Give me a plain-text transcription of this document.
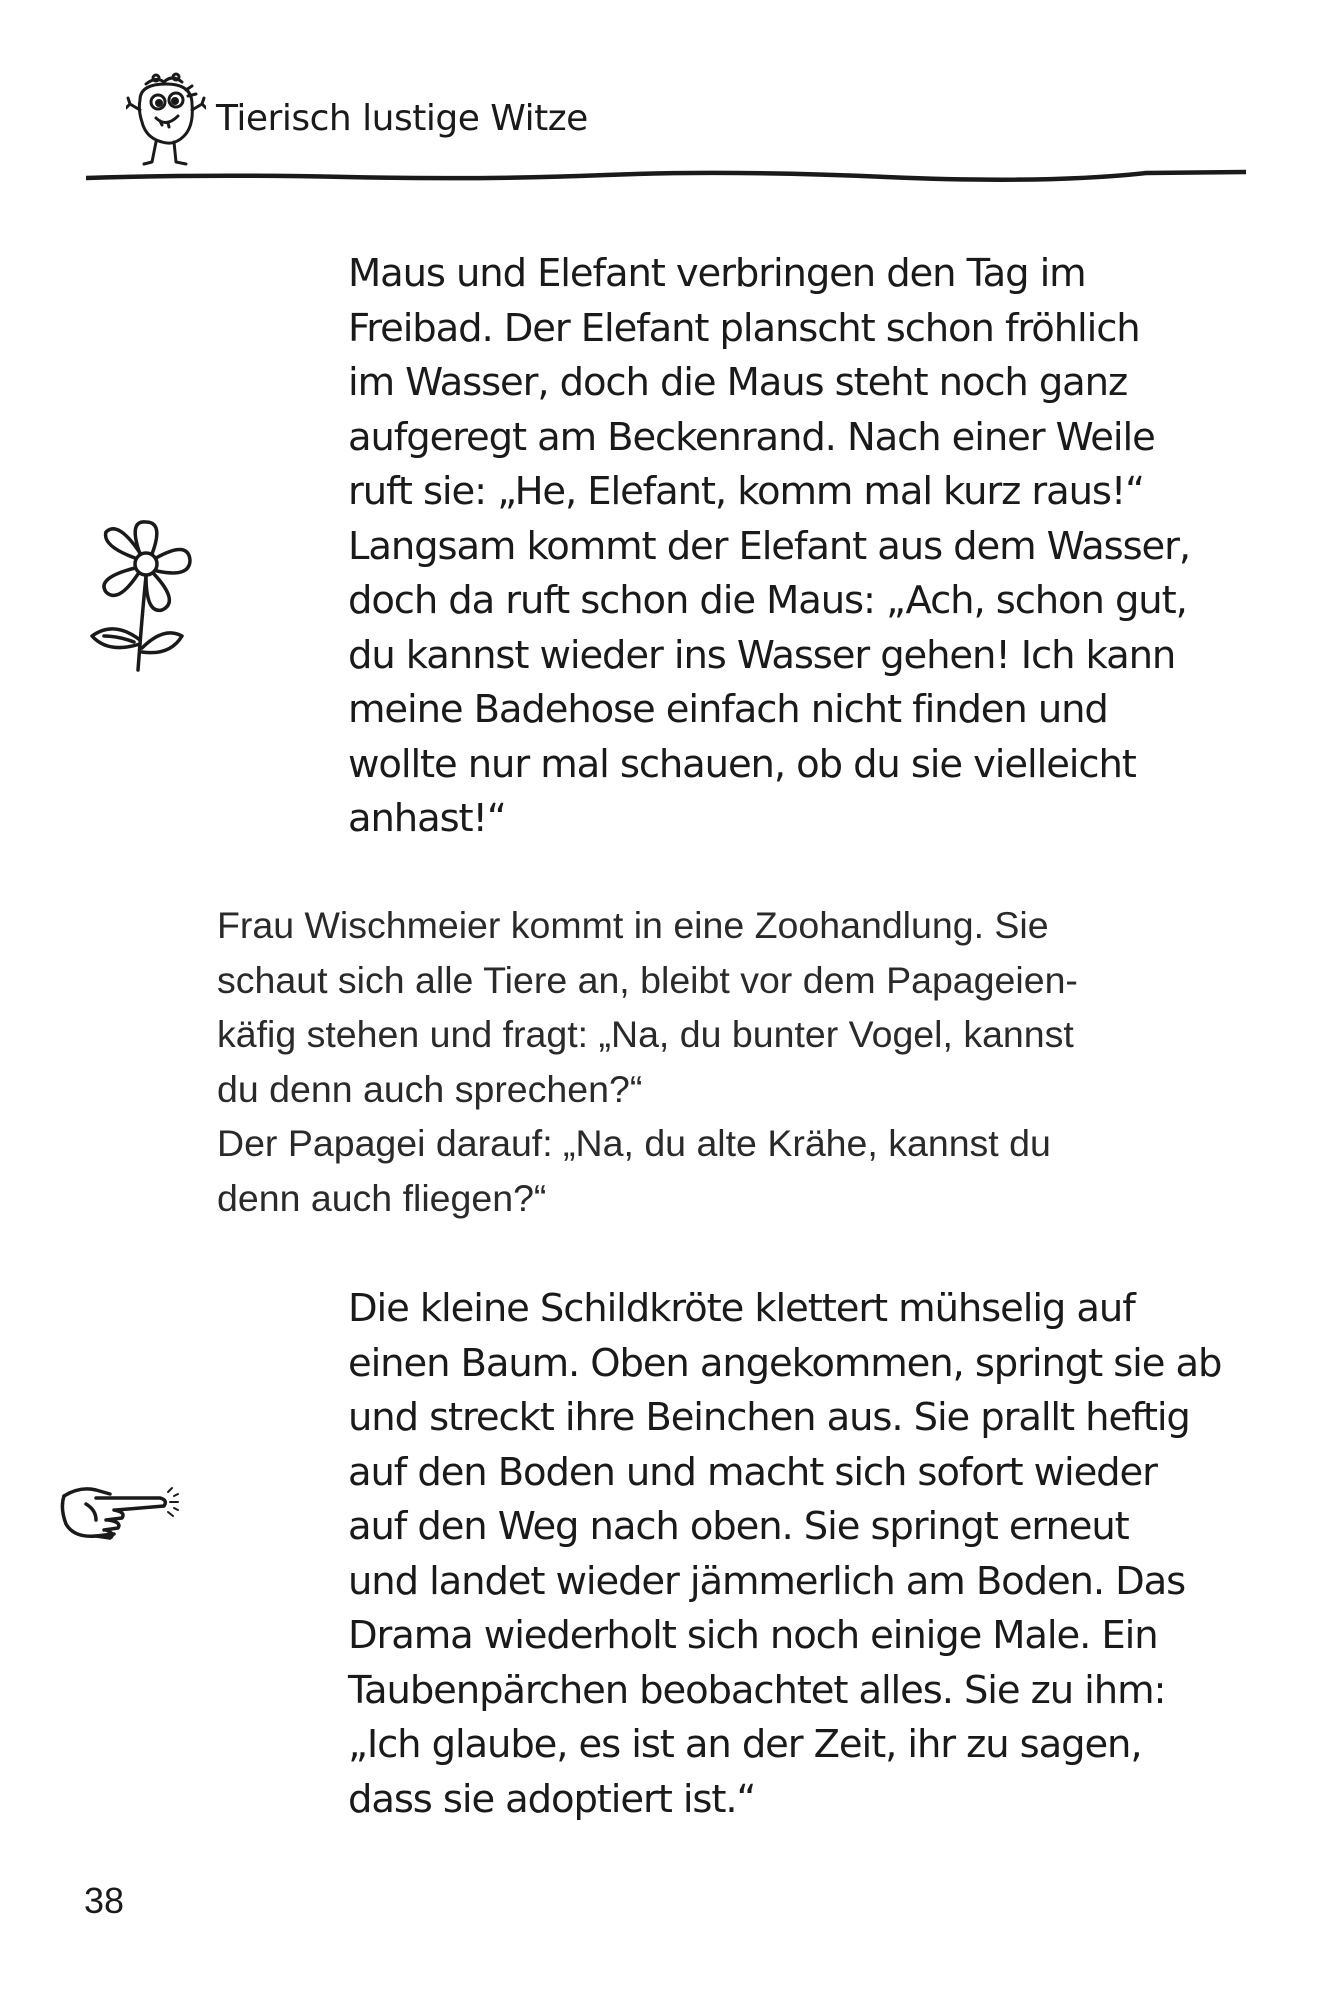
Tierisch lustige Witze

Maus und Elefant verbringen den Tag im
Freibad. Der Elefant planscht schon fröhlich
im Wasser, doch die Maus steht noch ganz
aufgeregt am Beckenrand. Nach einer Weile
ruft sie: „He, Elefant, komm mal kurz raus!“
Langsam kommt der Elefant aus dem Wasser,
doch da ruft schon die Maus: „Ach, schon gut,
du kannst wieder ins Wasser gehen! Ich kann
meine Badehose einfach nicht finden und
wollte nur mal schauen, ob du sie vielleicht
anhast!“

Frau Wischmeier kommt in eine Zoohandlung. Sie
schaut sich alle Tiere an, bleibt vor dem Papageien-
käfig stehen und fragt: „Na, du bunter Vogel, kannst
du denn auch sprechen?“
Der Papagei darauf: „Na, du alte Krähe, kannst du
denn auch fliegen?“

Die kleine Schildkröte klettert mühselig auf
einen Baum. Oben angekommen, springt sie ab
und streckt ihre Beinchen aus. Sie prallt heftig
auf den Boden und macht sich sofort wieder
auf den Weg nach oben. Sie springt erneut
und landet wieder jämmerlich am Boden. Das
Drama wiederholt sich noch einige Male. Ein
Taubenpärchen beobachtet alles. Sie zu ihm:
„Ich glaube, es ist an der Zeit, ihr zu sagen,
dass sie adoptiert ist.“

38
